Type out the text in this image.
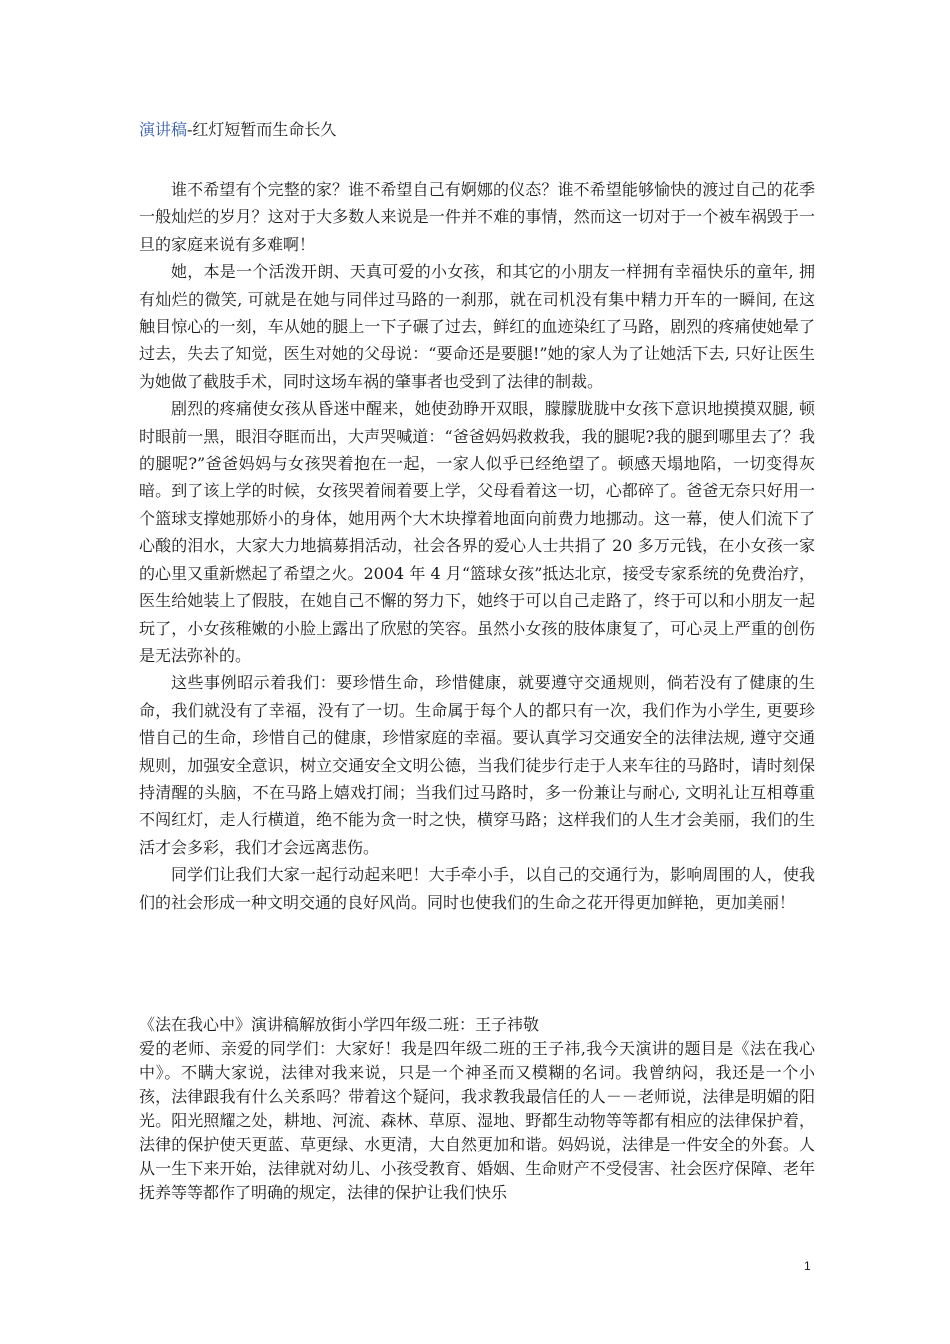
演讲稿-红灯短暂而生命长久

谁不希望有个完整的家？谁不希望自己有婀娜的仪态？谁不希望能够愉快的渡过自己的花季一般灿烂的岁月？这对于大多数人来说是一件并不难的事情，然而这一切对于一个被车祸毁于一旦的家庭来说有多难啊！

她，本是一个活泼开朗、天真可爱的小女孩，和其它的小朋友一样拥有幸福快乐的童年, 拥有灿烂的微笑, 可就是在她与同伴过马路的一刹那，就在司机没有集中精力开车的一瞬间, 在这触目惊心的一刻，车从她的腿上一下子碾了过去，鲜红的血迹染红了马路，剧烈的疼痛使她晕了过去，失去了知觉，医生对她的父母说：“要命还是要腿!”她的家人为了让她活下去, 只好让医生为她做了截肢手术，同时这场车祸的肇事者也受到了法律的制裁。

剧烈的疼痛使女孩从昏迷中醒来，她使劲睁开双眼，朦朦胧胧中女孩下意识地摸摸双腿, 顿时眼前一黑，眼泪夺眶而出，大声哭喊道：“爸爸妈妈救救我，我的腿呢?我的腿到哪里去了？我的腿呢?”爸爸妈妈与女孩哭着抱在一起，一家人似乎已经绝望了。顿感天塌地陷，一切变得灰暗。到了该上学的时候，女孩哭着闹着要上学，父母看着这一切，心都碎了。爸爸无奈只好用一个篮球支撑她那娇小的身体，她用两个大木块撑着地面向前费力地挪动。这一幕，使人们流下了心酸的泪水，大家大力地搞募捐活动，社会各界的爱心人士共捐了 20 多万元钱，在小女孩一家的心里又重新燃起了希望之火。2004 年 4 月“篮球女孩”抵达北京，接受专家系统的免费治疗，医生给她装上了假肢，在她自己不懈的努力下，她终于可以自己走路了，终于可以和小朋友一起玩了，小女孩稚嫩的小脸上露出了欣慰的笑容。虽然小女孩的肢体康复了，可心灵上严重的创伤是无法弥补的。

这些事例昭示着我们：要珍惜生命，珍惜健康，就要遵守交通规则，倘若没有了健康的生命，我们就没有了幸福，没有了一切。生命属于每个人的都只有一次，我们作为小学生, 更要珍惜自己的生命，珍惜自己的健康，珍惜家庭的幸福。要认真学习交通安全的法律法规, 遵守交通规则，加强安全意识，树立交通安全文明公德，当我们徒步行走于人来车往的马路时，请时刻保持清醒的头脑，不在马路上嬉戏打闹；当我们过马路时，多一份兼让与耐心, 文明礼让互相尊重不闯红灯，走人行横道，绝不能为贪一时之快，横穿马路；这样我们的人生才会美丽，我们的生活才会多彩，我们才会远离悲伤。

同学们让我们大家一起行动起来吧！大手牵小手，以自己的交通行为，影响周围的人，使我们的社会形成一种文明交通的良好风尚。同时也使我们的生命之花开得更加鲜艳，更加美丽！

《法在我心中》演讲稿解放街小学四年级二班：王子祎敬

爱的老师、亲爱的同学们：大家好！我是四年级二班的王子祎,我今天演讲的题目是《法在我心中》。不瞒大家说，法律对我来说，只是一个神圣而又模糊的名词。我曾纳闷，我还是一个小孩，法律跟我有什么关系吗？带着这个疑问，我求教我最信任的人－－老师说，法律是明媚的阳光。阳光照耀之处，耕地、河流、森林、草原、湿地、野都生动物等等都有相应的法律保护着，法律的保护使天更蓝、草更绿、水更清，大自然更加和谐。妈妈说，法律是一件安全的外套。人从一生下来开始，法律就对幼儿、小孩受教育、婚姻、生命财产不受侵害、社会医疗保障、老年抚养等等都作了明确的规定，法律的保护让我们快乐

1
